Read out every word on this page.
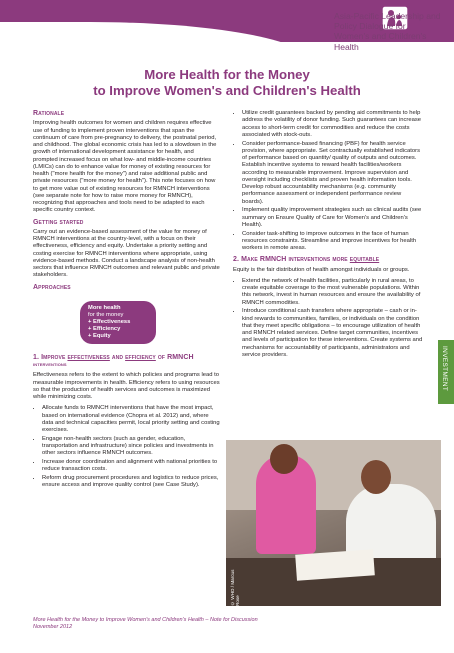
Asia-Pacific Leadership and Policy Dialogue for Women's and Children's Health
More Health for the Money
to Improve Women's and Children's Health
Rationale

Improving health outcomes for women and children requires effective use of funding to implement proven interventions that span the continuum of care from pre-pregnancy to delivery, the postnatal period, and childhood. The global economic crisis has led to a slowdown in the growth of international development assistance for health, and prompted increased focus on what low- and middle-income countries (LMICs) can do to enhance value for money of existing resources for health ("more health for the money") and raise additional public and private resources ("more money for health"). This note focuses on how to get more value out of existing resources for RMNCH interventions (see separate note for how to raise more money for RMNCH), recognizing that approaches and tools need to be adapted to each specific country context.

Getting started

Carry out an evidence-based assessment of the value for money of RMNCH interventions at the country-level, with a focus on their effectiveness, efficiency and equity. Undertake a priority setting and costing exercise for RMNCH interventions where appropriate, using evidence-based methods. Conduct a landscape analysis of non-health sectors that influence RMNCH outcomes and relevant public and private stakeholders.

Approaches
More health
for the money
+ Effectiveness
+ Efficiency
+ Equity
1. Improve effectiveness and efficiency of RMNCH
interventions

Effectiveness refers to the extent to which policies and programs lead to measurable improvements in health. Efficiency refers to using resources so that the production of health services and outcomes is maximized while minimizing costs.

• Allocate funds to RMNCH interventions that have the most impact, based on international evidence (Chopra et al. 2012) and, where data and technical capacities permit, local priority setting and costing exercises.
• Engage non-health sectors (such as gender, education, transportation and infrastructure) since policies and investments in other sectors influence RMNCH outcomes.
• Increase donor coordination and alignment with national priorities to reduce transaction costs.
• Reform drug procurement procedures and logistics to reduce prices, ensure access and improve quality control (see Case Study).
• Utilize credit guarantees backed by pending aid commitments to help address the volatility of donor funding. Such guarantees can increase access to short-term credit for commodities and reduce the costs associated with stock-outs.
• Consider performance-based financing (PBF) for health service provision, where appropriate. Set contractually established indicators of performance based on quantity/ quality of outputs and outcomes. Establish incentive systems to reward health facilities/workers according to measurable improvement. Improve supervision and oversight including checklists and proven health information tools. Develop robust accountability mechanisms (e.g. community performance assessment or independent performance review boards).
• Implement quality improvement strategies such as clinical audits (see summary on Ensure Quality of Care for Women's and Children's Health).
• Consider task-shifting to improve outcomes in the face of human resources constraints. Streamline and improve incentives for health workers in remote areas.
2. Make RMNCH interventions more equitable

Equity is the fair distribution of health amongst individuals or groups.

• Extend the network of health facilities, particularly in rural areas, to create equitable coverage to the most vulnerable populations. Within this network, invest in human resources and ensure the availability of RMNCH commodities.
• Introduce conditional cash transfers where appropriate – cash or in-kind rewards to communities, families, or individuals on the condition that they meet specific obligations – to encourage utilization of health and RMNCH related services. Define target communities, incentives and levels of participation for these interventions. Create systems and mechanisms for accountability of participants, administrators and service providers.	INVESTMENT
© WHO / Marcus Rose
More Health for the Money to Improve Women's and Children's Health – Note for Discussion
November 2012
